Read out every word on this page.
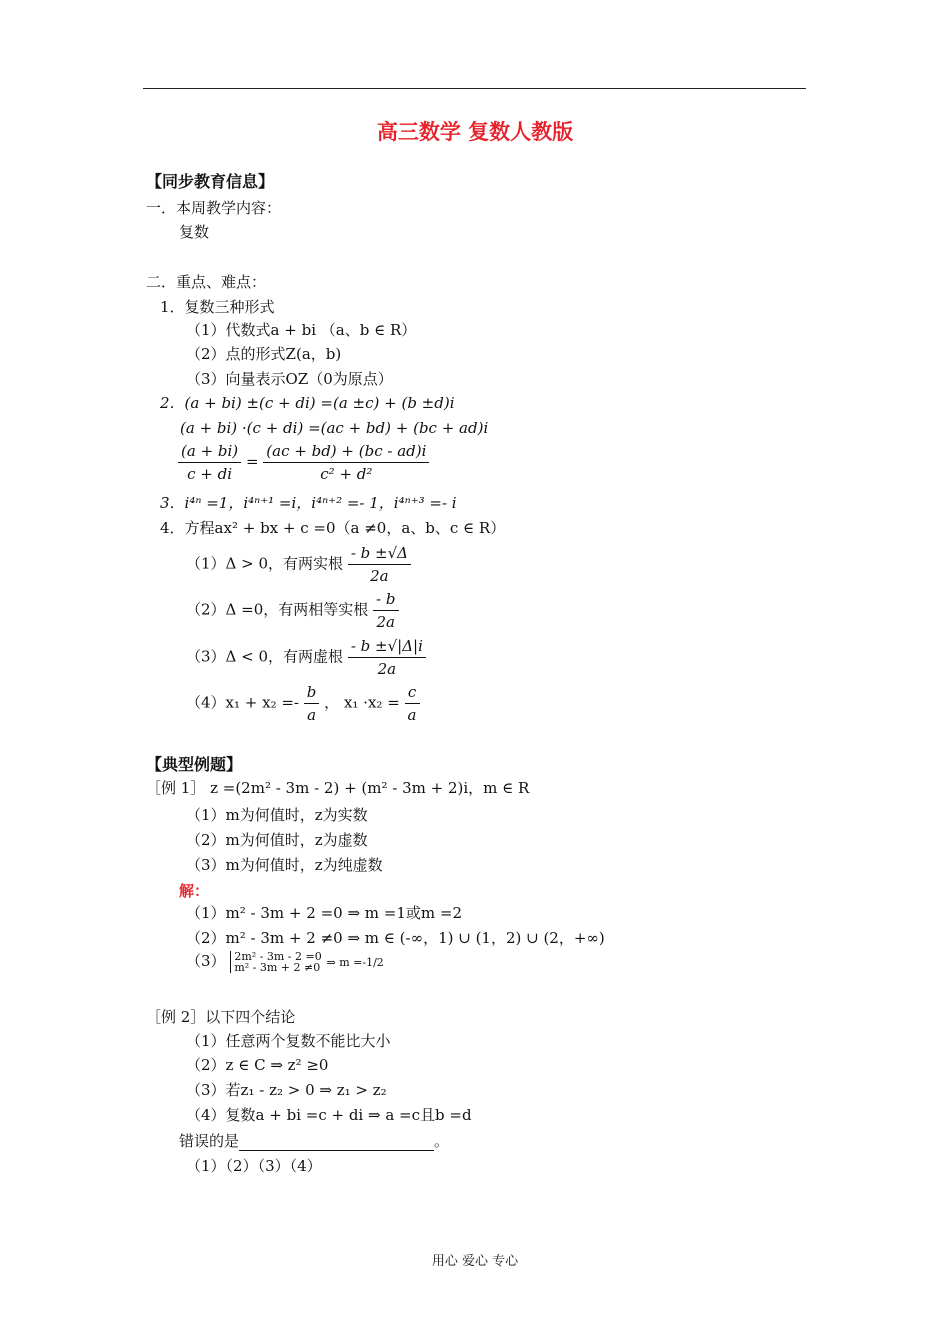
高三数学 复数人教版
【同步教育信息】
一．本周教学内容：
复数
二．重点、难点：
1．复数三种形式
（1）代数式a + bi （a、b ∈ R）
（2）点的形式Z(a，b)
（3）向量表示OZ（0为原点）
2．(a + bi) ±(c + di) =(a ±c) + (b ±d)i
(a + bi) ·(c + di) =(ac + bd) + (bc + ad)i
$\frac{(a + bi)}{c + di} = \frac{(ac + bd) + (bc - ad)i}{\text{c² + d²}}$
3．i⁴ⁿ =1，i⁴ⁿ⁺¹ =i，i⁴ⁿ⁺² =- 1，i⁴ⁿ⁺³ =- i
4．方程ax² + bx + c =0（a ≠0，a、b、c ∈ R）
（1）Δ > 0，有两实根 $\frac{- b \pm√\Delta}{2a}$
（2）Δ =0，有两相等实根 $\frac{- b}{2a}$
（3）Δ < 0，有两虚根 $\frac{- b \pm√|\Delta|i}{2a}$
$(4)x_1 + x_2 =- \frac{b}{a}$ ， $x_1 \cdot x_2 = \frac{c}{a}$
【典型例题】
［例 1］ z =(2m² - 3m - 2) + (m² - 3m + 2)i，m ∈ R
（1）m为何值时，z为实数
（2）m为何值时，z为虚数
（3）m为何值时，z为纯虚数
解：
（1）m² - 3m + 2 =0 ⇒ m =1或m =2
（2）m² - 3m + 2 ≠0 ⇒ m ∈ (-∞，1) ∪ (1，2) ∪ (2，+∞)
（3） 2m² - 3m - 2 =0
m² - 3m + 2 ≠0 ⇒ m =-1/2
［例 2］以下四个结论
（1）任意两个复数不能比大小
（2）z ∈ C ⇒ z² ≥0
（3）若z₁ - z₂ > 0 ⇒ z₁ > z₂
（4）复数a + bi =c + di ⇒ a =c且b =d
错误的是	。
（1）（2）（3）（4）
用心 爱心 专心
